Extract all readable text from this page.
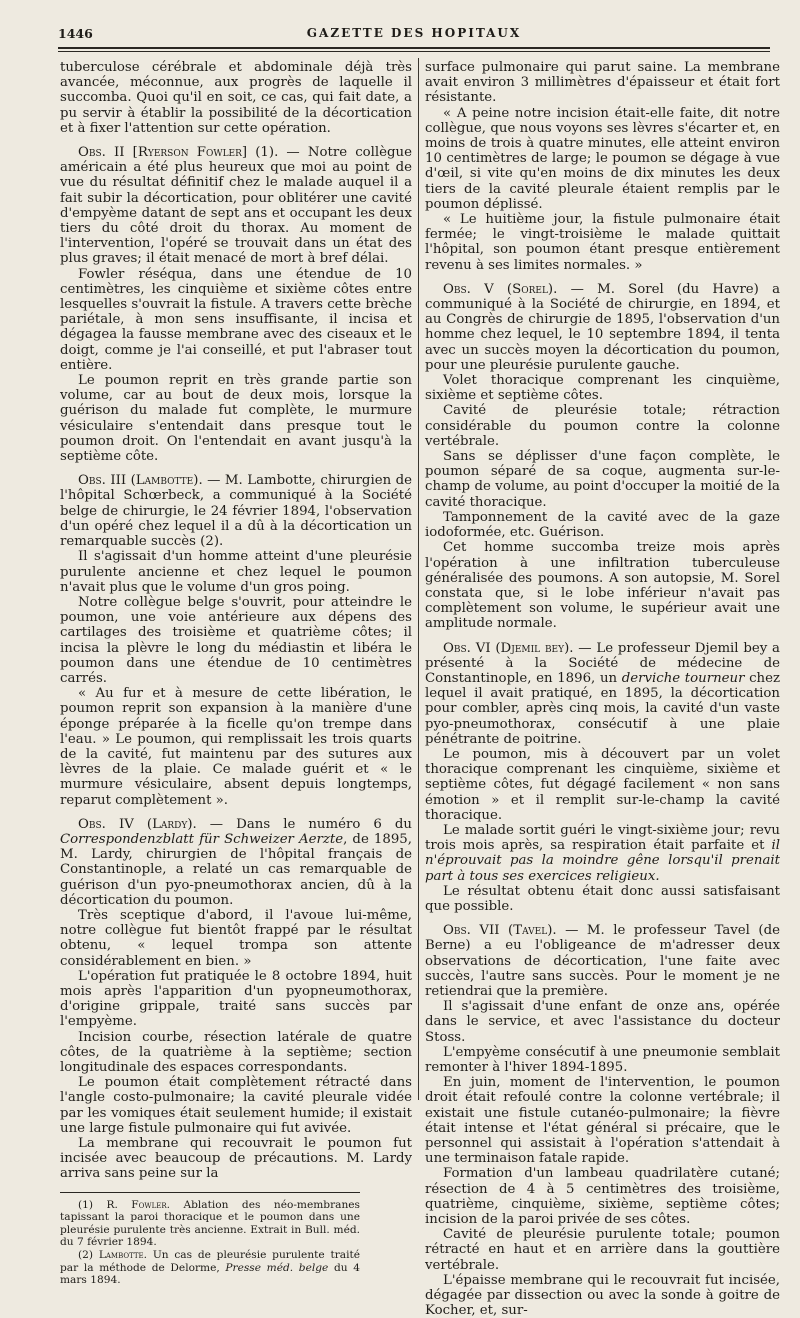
1446	GAZETTE DES HOPITAUX

tuberculose cérébrale et abdominale déjà très avancée, méconnue, aux progrès de laquelle il succomba. Quoi qu'il en soit, ce cas, qui fait date, a pu servir à établir la possibilité de la décortication et à fixer l'attention sur cette opération.

Obs. II [Ryerson Fowler] (1). — Notre collègue américain a été plus heureux que moi au point de vue du résultat définitif chez le malade auquel il a fait subir la décortication, pour oblitérer une cavité d'empyème datant de sept ans et occupant les deux tiers du côté droit du thorax. Au moment de l'intervention, l'opéré se trouvait dans un état des plus graves; il était menacé de mort à bref délai.

Fowler réséqua, dans une étendue de 10 centimètres, les cinquième et sixième côtes entre lesquelles s'ouvrait la fistule. A travers cette brèche pariétale, à mon sens insuffisante, il incisa et dégagea la fausse membrane avec des ciseaux et le doigt, comme je l'ai conseillé, et put l'abraser tout entière.

Le poumon reprit en très grande partie son volume, car au bout de deux mois, lorsque la guérison du malade fut complète, le murmure vésiculaire s'entendait dans presque tout le poumon droit. On l'entendait en avant jusqu'à la septième côte.

Obs. III (Lambotte). — M. Lambotte, chirurgien de l'hôpital Schœrbeck, a communiqué à la Société belge de chirurgie, le 24 février 1894, l'observation d'un opéré chez lequel il a dû à la décortication un remarquable succès (2).

Il s'agissait d'un homme atteint d'une pleurésie purulente ancienne et chez lequel le poumon n'avait plus que le volume d'un gros poing.

Notre collègue belge s'ouvrit, pour atteindre le poumon, une voie antérieure aux dépens des cartilages des troisième et quatrième côtes; il incisa la plèvre le long du médiastin et libéra le poumon dans une étendue de 10 centimètres carrés.

« Au fur et à mesure de cette libération, le poumon reprit son expansion à la manière d'une éponge préparée à la ficelle qu'on trempe dans l'eau. » Le poumon, qui remplissait les trois quarts de la cavité, fut maintenu par des sutures aux lèvres de la plaie. Ce malade guérit et « le murmure vésiculaire, absent depuis longtemps, reparut complètement ».

Obs. IV (Lardy). — Dans le numéro 6 du Correspondenzblatt für Schweizer Aerzte, de 1895, M. Lardy, chirurgien de l'hôpital français de Constantinople, a relaté un cas remarquable de guérison d'un pyo-pneumothorax ancien, dû à la décortication du poumon.

Très sceptique d'abord, il l'avoue lui-même, notre collègue fut bientôt frappé par le résultat obtenu, « lequel trompa son attente considérablement en bien. »

L'opération fut pratiquée le 8 octobre 1894, huit mois après l'apparition d'un pyopneumothorax, d'origine grippale, traité sans succès par l'empyème.

Incision courbe, résection latérale de quatre côtes, de la quatrième à la septième; section longitudinale des espaces correspondants.

Le poumon était complètement rétracté dans l'angle costo-pulmonaire; la cavité pleurale vidée par les vomiques était seulement humide; il existait une large fistule pulmonaire qui fut avivée.

La membrane qui recouvrait le poumon fut incisée avec beaucoup de précautions. M. Lardy arriva sans peine sur la

(1) R. Fowler. Ablation des néo-membranes tapissant la paroi thoracique et le poumon dans une pleurésie purulente très ancienne. Extrait in Bull. méd. du 7 février 1894.

(2) Lambotte. Un cas de pleurésie purulente traité par la méthode de Delorme, Presse méd. belge du 4 mars 1894.

surface pulmonaire qui parut saine. La membrane avait environ 3 millimètres d'épaisseur et était fort résistante.

« A peine notre incision était-elle faite, dit notre collègue, que nous voyons ses lèvres s'écarter et, en moins de trois à quatre minutes, elle atteint environ 10 centimètres de large; le poumon se dégage à vue d'œil, si vite qu'en moins de dix minutes les deux tiers de la cavité pleurale étaient remplis par le poumon déplissé.

« Le huitième jour, la fistule pulmonaire était fermée; le vingt-troisième le malade quittait l'hôpital, son poumon étant presque entièrement revenu à ses limites normales. »

Obs. V (Sorel). — M. Sorel (du Havre) a communiqué à la Société de chirurgie, en 1894, et au Congrès de chirurgie de 1895, l'observation d'un homme chez lequel, le 10 septembre 1894, il tenta avec un succès moyen la décortication du poumon, pour une pleurésie purulente gauche.

Volet thoracique comprenant les cinquième, sixième et septième côtes.

Cavité de pleurésie totale; rétraction considérable du poumon contre la colonne vertébrale.

Sans se déplisser d'une façon complète, le poumon séparé de sa coque, augmenta sur-le-champ de volume, au point d'occuper la moitié de la cavité thoracique.

Tamponnement de la cavité avec de la gaze iodoformée, etc. Guérison.

Cet homme succomba treize mois après l'opération à une infiltration tuberculeuse généralisée des poumons. A son autopsie, M. Sorel constata que, si le lobe inférieur n'avait pas complètement son volume, le supérieur avait une amplitude normale.

Obs. VI (Djemil bey). — Le professeur Djemil bey a présenté à la Société de médecine de Constantinople, en 1896, un derviche tourneur chez lequel il avait pratiqué, en 1895, la décortication pour combler, après cinq mois, la cavité d'un vaste pyo-pneumothorax, consécutif à une plaie pénétrante de poitrine.

Le poumon, mis à découvert par un volet thoracique comprenant les cinquième, sixième et septième côtes, fut dégagé facilement « non sans émotion » et il remplit sur-le-champ la cavité thoracique.

Le malade sortit guéri le vingt-sixième jour; revu trois mois après, sa respiration était parfaite et il n'éprouvait pas la moindre gêne lorsqu'il prenait part à tous ses exercices religieux.

Le résultat obtenu était donc aussi satisfaisant que possible.

Obs. VII (Tavel). — M. le professeur Tavel (de Berne) a eu l'obligeance de m'adresser deux observations de décortication, l'une faite avec succès, l'autre sans succès. Pour le moment je ne retiendrai que la première.

Il s'agissait d'une enfant de onze ans, opérée dans le service, et avec l'assistance du docteur Stoss.

L'empyème consécutif à une pneumonie semblait remonter à l'hiver 1894-1895.

En juin, moment de l'intervention, le poumon droit était refoulé contre la colonne vertébrale; il existait une fistule cutanéo-pulmonaire; la fièvre était intense et l'état général si précaire, que le personnel qui assistait à l'opération s'attendait à une terminaison fatale rapide.

Formation d'un lambeau quadrilatère cutané; résection de 4 à 5 centimètres des troisième, quatrième, cinquième, sixième, septième côtes; incision de la paroi privée de ses côtes.

Cavité de pleurésie purulente totale; poumon rétracté en haut et en arrière dans la gouttière vertébrale.

L'épaisse membrane qui le recouvrait fut incisée, dégagée par dissection ou avec la sonde à goitre de Kocher, et, sur-
